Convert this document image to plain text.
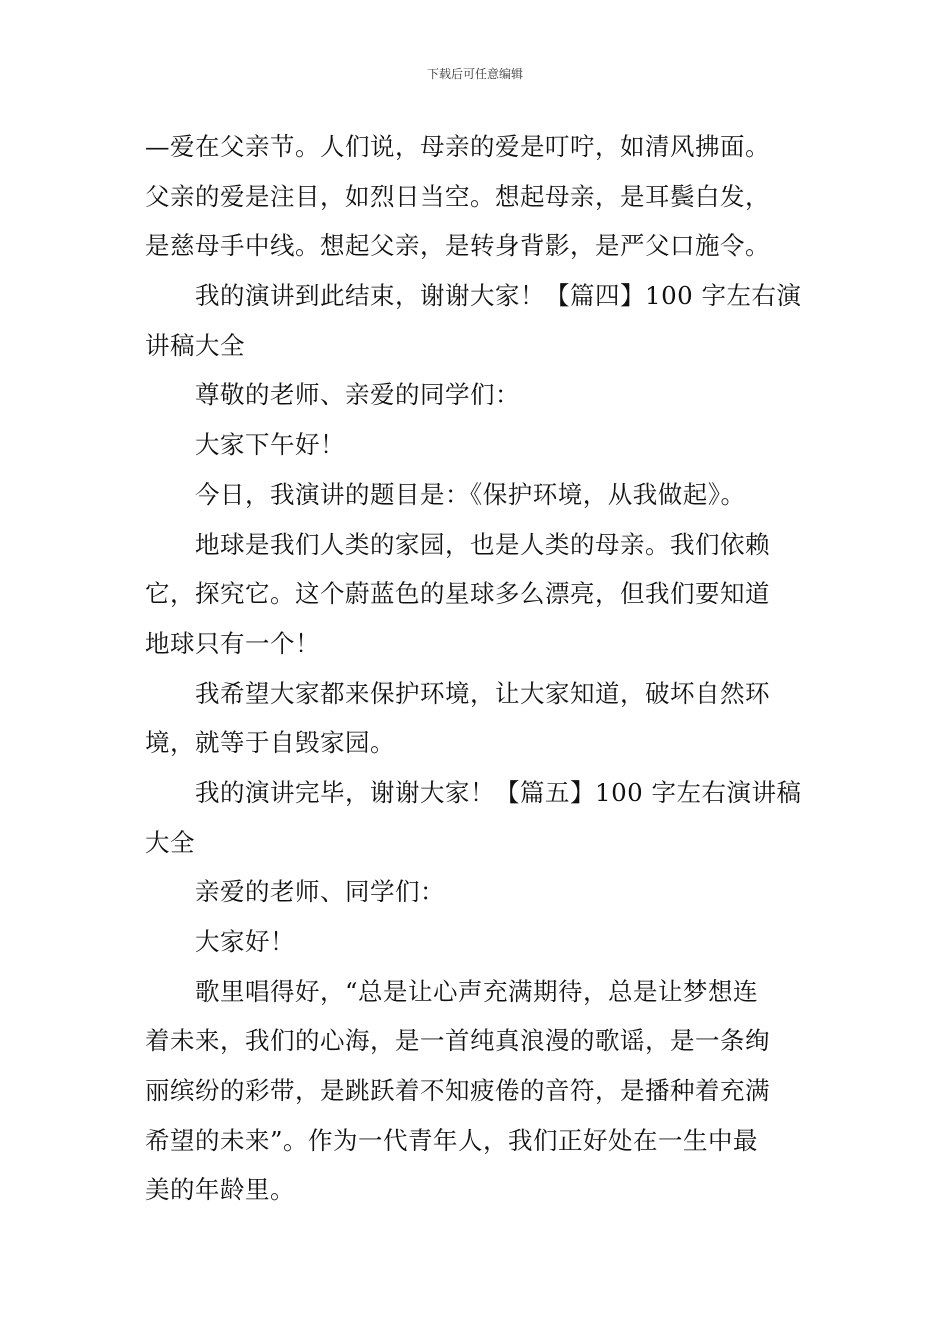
下载后可任意编辑
—爱在父亲节。人们说，母亲的爱是叮咛，如清风拂面。
父亲的爱是注目，如烈日当空。想起母亲，是耳鬓白发，
是慈母手中线。想起父亲，是转身背影，是严父口施令。
我的演讲到此结束，谢谢大家！【篇四】100 字左右演
讲稿大全
尊敬的老师、亲爱的同学们：
大家下午好！
今日，我演讲的题目是：《保护环境，从我做起》。
地球是我们人类的家园，也是人类的母亲。我们依赖
它，探究它。这个蔚蓝色的星球多么漂亮，但我们要知道
地球只有一个！
我希望大家都来保护环境，让大家知道，破坏自然环
境，就等于自毁家园。
我的演讲完毕，谢谢大家！【篇五】100 字左右演讲稿
大全
亲爱的老师、同学们：
大家好！
歌里唱得好，“总是让心声充满期待，总是让梦想连
着未来，我们的心海，是一首纯真浪漫的歌谣，是一条绚
丽缤纷的彩带，是跳跃着不知疲倦的音符，是播种着充满
希望的未来”。作为一代青年人，我们正好处在一生中最
美的年龄里。
